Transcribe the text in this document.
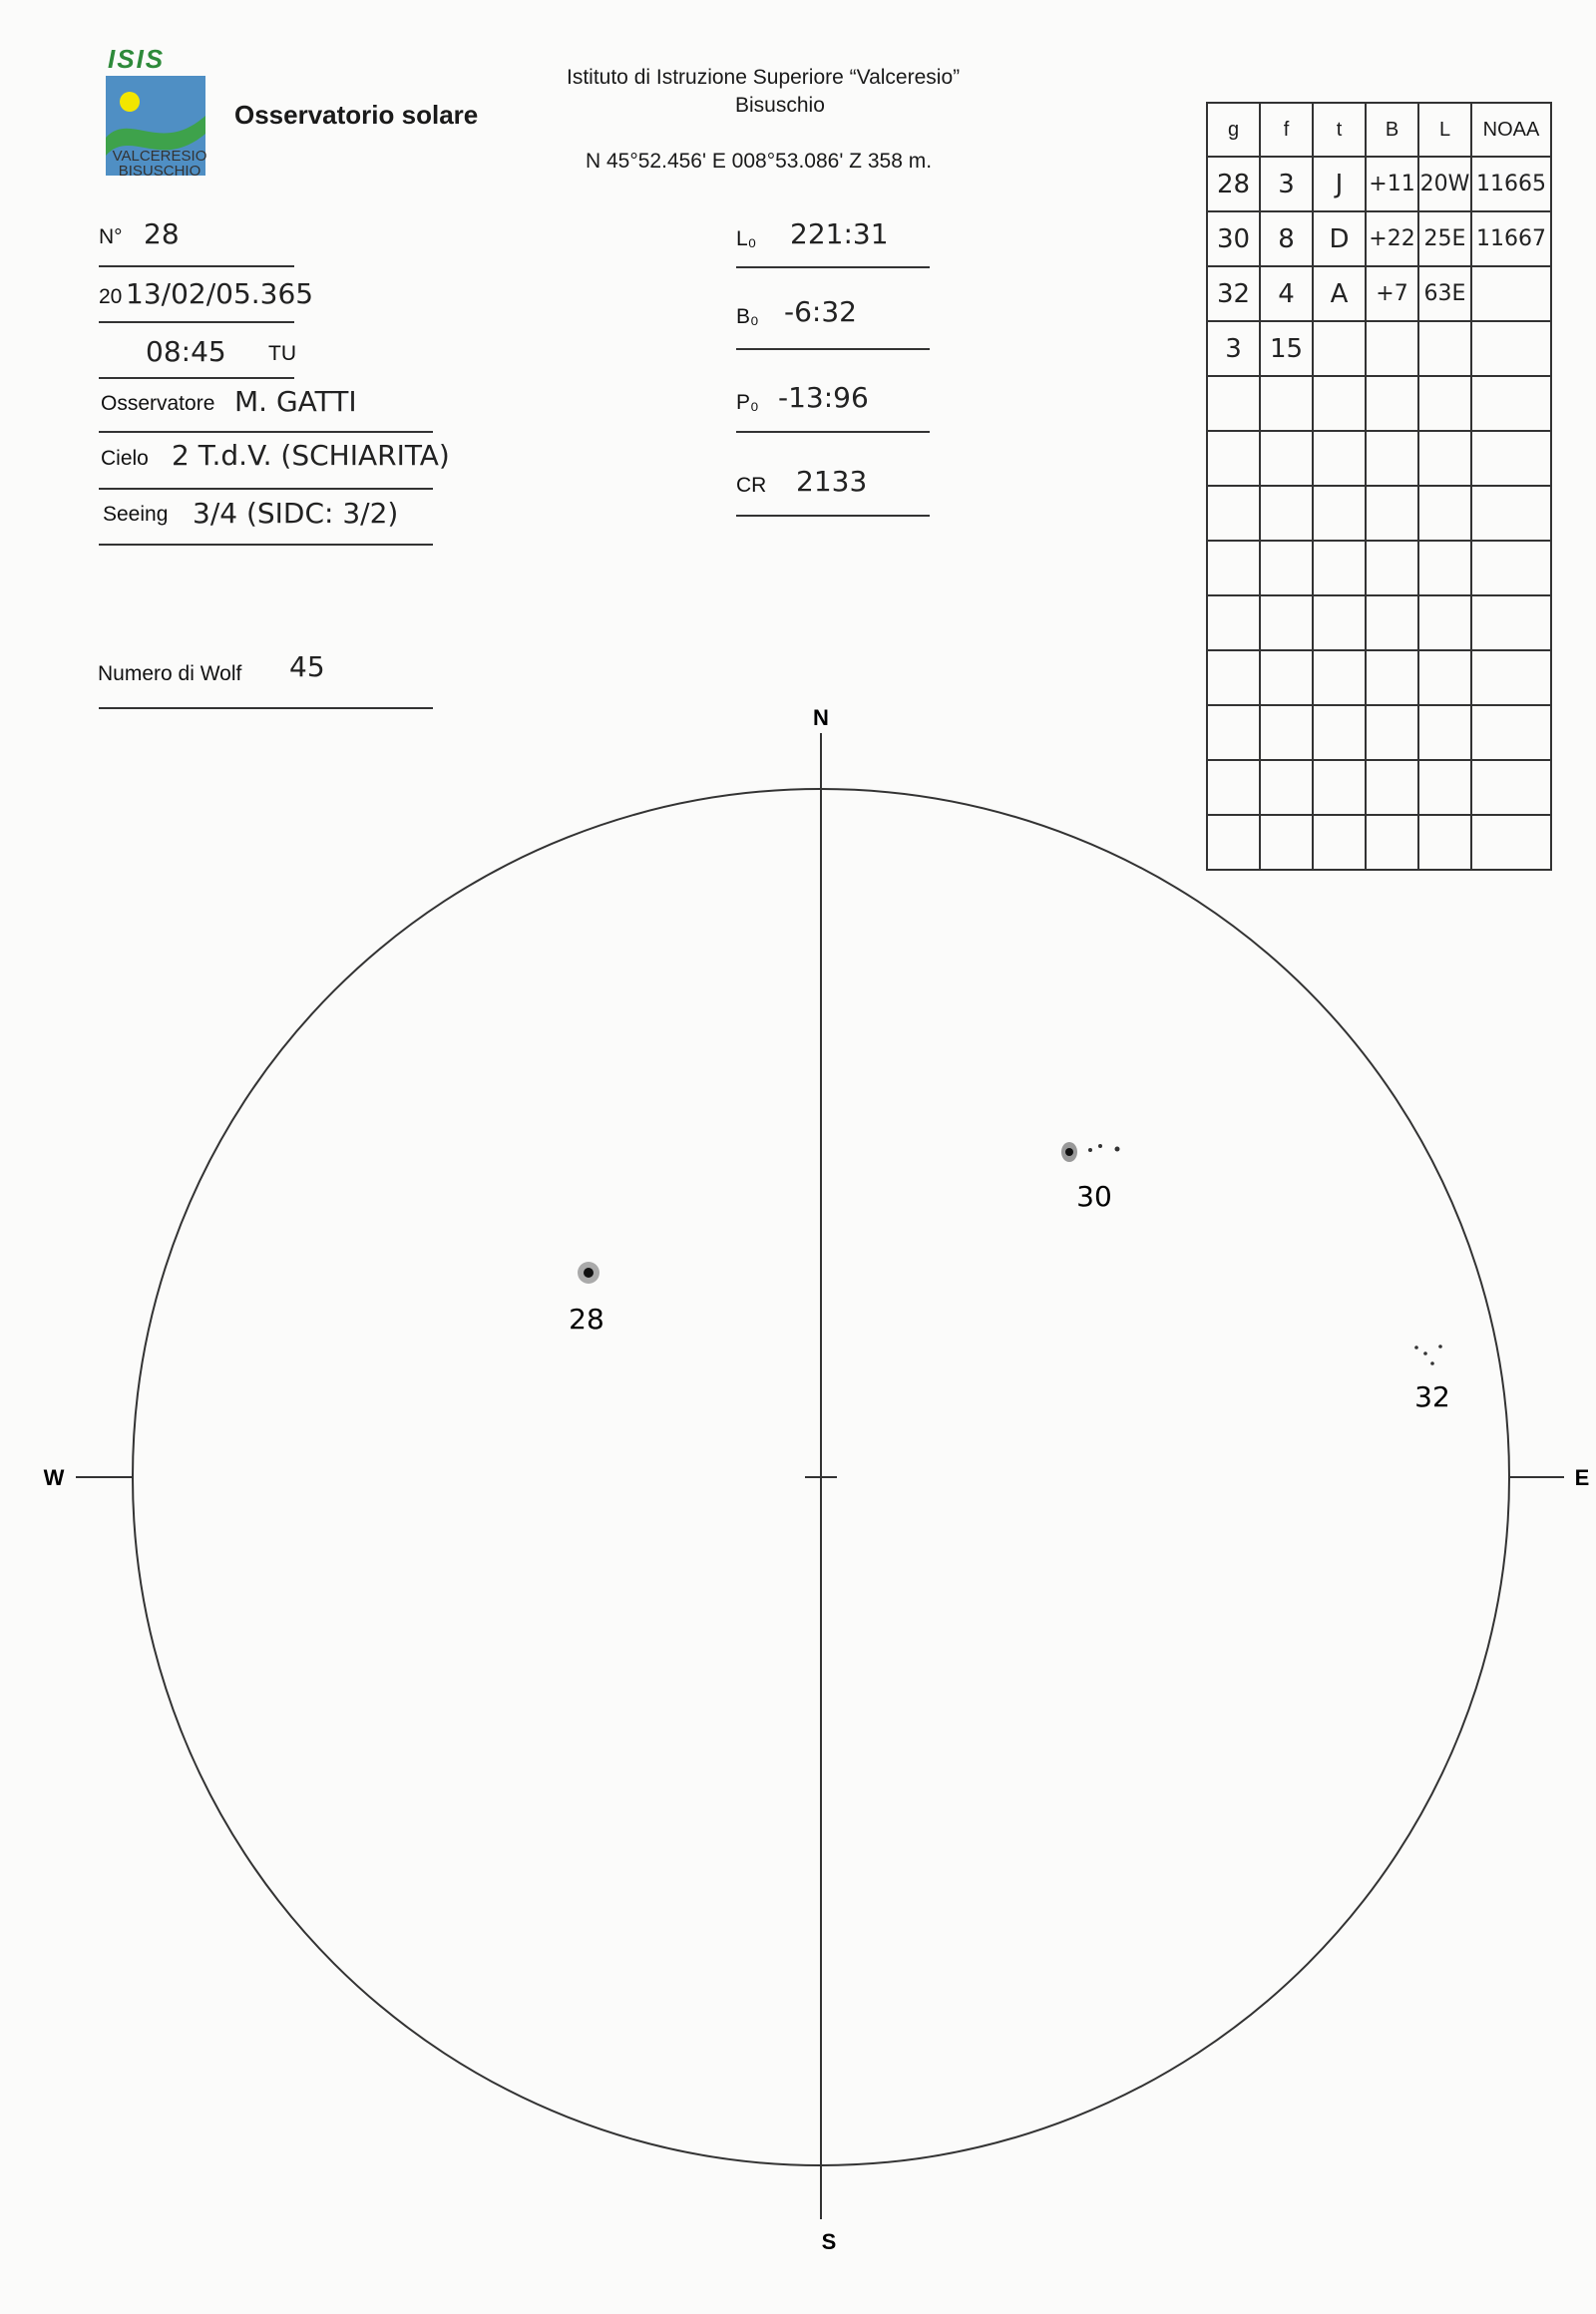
ISIS
VALCERESIO
BISUSCHIO
Osservatorio solare
Istituto di Istruzione Superiore “Valceresio”
Bisuschio
N 45°52.456' E 008°53.086' Z 358 m.
N° 28
20 13/02/05.365
08:45 TU
Osservatore M. GATTI
Cielo 2 T.d.V. (SCHIARITA)
Seeing 3/4 (SIDC: 3/2)
Numero di Wolf 45
L₀ 221:31
B₀ -6:32
P₀ -13:96
CR 2133
g	f	t	B	L	NOAA
28	3	J	+11	20W	11665
30	8	D	+22	25E	11667
32	4	A	+7	63E	
3	15				

N
S
W	E
28
30
32
